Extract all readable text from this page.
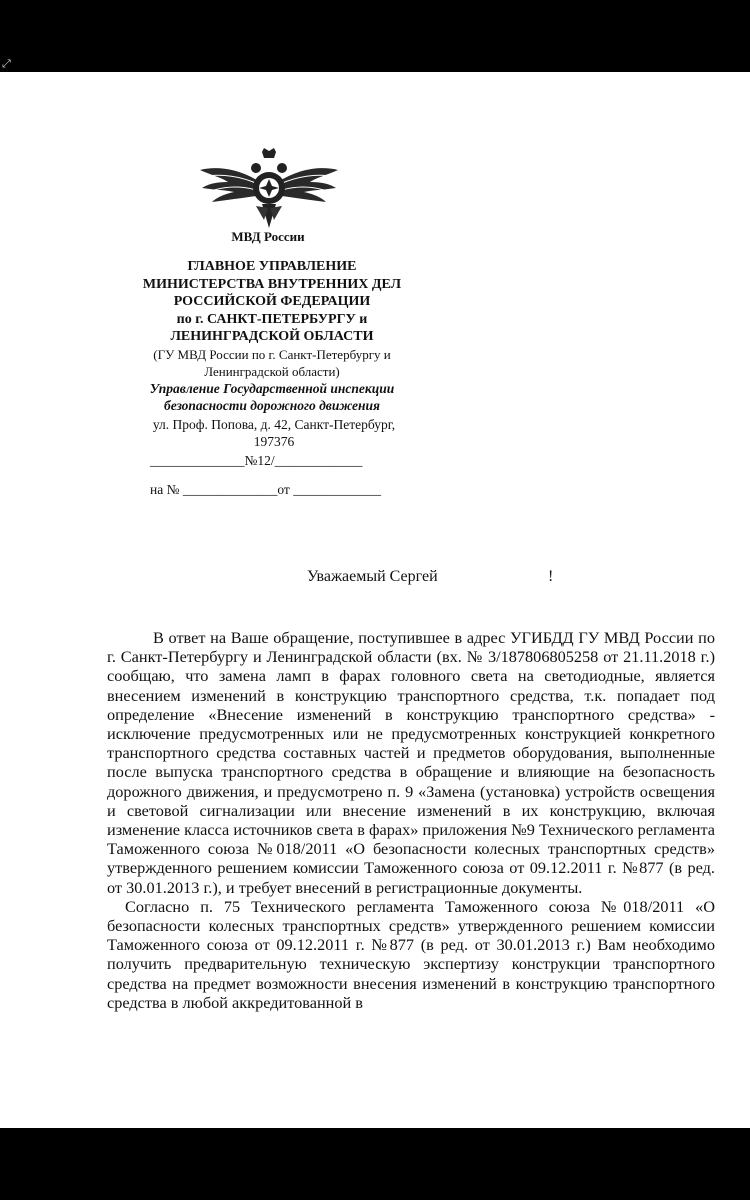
⤢
МВД России
ГЛАВНОЕ УПРАВЛЕНИЕ
МИНИСТЕРСТВА ВНУТРЕННИХ ДЕЛ
РОССИЙСКОЙ ФЕДЕРАЦИИ
по г. САНКТ-ПЕТЕРБУРГУ и
ЛЕНИНГРАДСКОЙ ОБЛАСТИ
(ГУ МВД России по г. Санкт-Петербургу и
Ленинградской области)
Управление Государственной инспекции
безопасности дорожного движения
ул. Проф. Попова, д. 42, Санкт-Петербург,
197376
______________№12/_____________
на № ______________от _____________
Уважаемый Сергей	!

В ответ на Ваше обращение, поступившее в адрес УГИБДД ГУ МВД России по г. Санкт-Петербургу и Ленинградской области (вх. № 3/187806805258 от 21.11.2018 г.) сообщаю, что замена ламп в фарах головного света на светодиодные, является внесением изменений в конструкцию транспортного средства, т.к. попадает под определение «Внесение изменений в конструкцию транспортного средства» - исключение предусмотренных или не предусмотренных конструкцией конкретного транспортного средства составных частей и предметов оборудования, выполненные после выпуска транспортного средства в обращение и влияющие на безопасность дорожного движения, и предусмотрено п. 9 «Замена (установка) устройств освещения и световой сигнализации или внесение изменений в их конструкцию, включая изменение класса источников света в фарах» приложения №9 Технического регламента Таможенного союза №018/2011 «О безопасности колесных транспортных средств» утвержденного решением комиссии Таможенного союза от 09.12.2011 г. №877 (в ред. от 30.01.2013 г.), и требует внесений в регистрационные документы.

Согласно п. 75 Технического регламента Таможенного союза №018/2011 «О безопасности колесных транспортных средств» утвержденного решением комиссии Таможенного союза от 09.12.2011 г. №877 (в ред. от 30.01.2013 г.) Вам необходимо получить предварительную техническую экспертизу конструкции транспортного средства на предмет возможности внесения изменений в конструкцию транспортного средства в любой аккредитованной в
